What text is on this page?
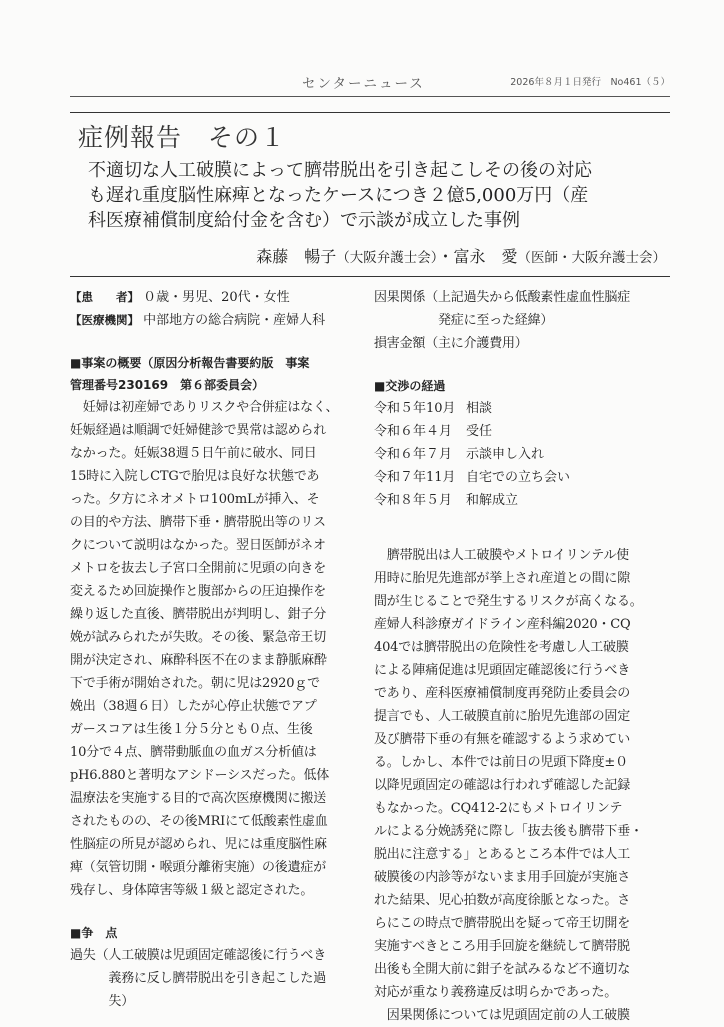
センターニュース	2026年８月１日発行　No461（５）
症例報告　その１
不適切な人工破膜によって臍帯脱出を引き起こしその後の対応
も遅れ重度脳性麻痺となったケースにつき２億5,000万円（産
科医療補償制度給付金を含む）で示談が成立した事例
森藤　暢子（大阪弁護士会）・富永　愛（医師・大阪弁護士会）
【患　　者】 ０歳・男児、20代・女性
【医療機関】 中部地方の総合病院・産婦人科
■事案の概要（原因分析報告書要約版　事案
管理番号230169　第６部委員会）
　妊婦は初産婦でありリスクや合併症はなく、
妊娠経過は順調で妊婦健診で異常は認められ
なかった。妊娠38週５日午前に破水、同日
15時に入院しCTGで胎児は良好な状態であ
った。夕方にネオメトロ100mLが挿入、そ
の目的や方法、臍帯下垂・臍帯脱出等のリス
クについて説明はなかった。翌日医師がネオ
メトロを抜去し子宮口全開前に児頭の向きを
変えるため回旋操作と腹部からの圧迫操作を
繰り返した直後、臍帯脱出が判明し、鉗子分
娩が試みられたが失敗。その後、緊急帝王切
開が決定され、麻酔科医不在のまま静脈麻酔
下で手術が開始された。朝に児は2920ｇで
娩出（38週６日）したが心停止状態でアプ
ガースコアは生後１分５分とも０点、生後
10分で４点、臍帯動脈血の血ガス分析値は
pH6.880と著明なアシドーシスだった。低体
温療法を実施する目的で高次医療機関に搬送
されたものの、その後MRIにて低酸素性虚血
性脳症の所見が認められ、児には重度脳性麻
痺（気管切開・喉頭分離術実施）の後遺症が
残存し、身体障害等級１級と認定された。
■争　点
過失（人工破膜は児頭固定確認後に行うべき
　　　義務に反し臍帯脱出を引き起こした過
　　　失）
因果関係（上記過失から低酸素性虚血性脳症
　　　　　発症に至った経緯）
損害金額（主に介護費用）
■交渉の経過
令和５年10月 相談
令和６年４月 受任
令和６年７月 示談申し入れ
令和７年11月 自宅での立ち会い
令和８年５月 和解成立
　臍帯脱出は人工破膜やメトロイリンテル使
用時に胎児先進部が挙上され産道との間に隙
間が生じることで発生するリスクが高くなる。
産婦人科診療ガイドライン産科編2020・CQ
404では臍帯脱出の危険性を考慮し人工破膜
による陣痛促進は児頭固定確認後に行うべき
であり、産科医療補償制度再発防止委員会の
提言でも、人工破膜直前に胎児先進部の固定
及び臍帯下垂の有無を確認するよう求めてい
る。しかし、本件では前日の児頭下降度±０
以降児頭固定の確認は行われず確認した記録
もなかった。CQ412-2にもメトロイリンテ
ルによる分娩誘発に際し「抜去後も臍帯下垂・
脱出に注意する」とあるところ本件では人工
破膜後の内診等がないまま用手回旋が実施さ
れた結果、児心拍数が高度徐脈となった。さ
らにこの時点で臍帯脱出を疑って帝王切開を
実施すべきところ用手回旋を継続して臍帯脱
出後も全開大前に鉗子を試みるなど不適切な
対応が重なり義務違反は明らかであった。
　因果関係については児頭固定前の人工破膜
